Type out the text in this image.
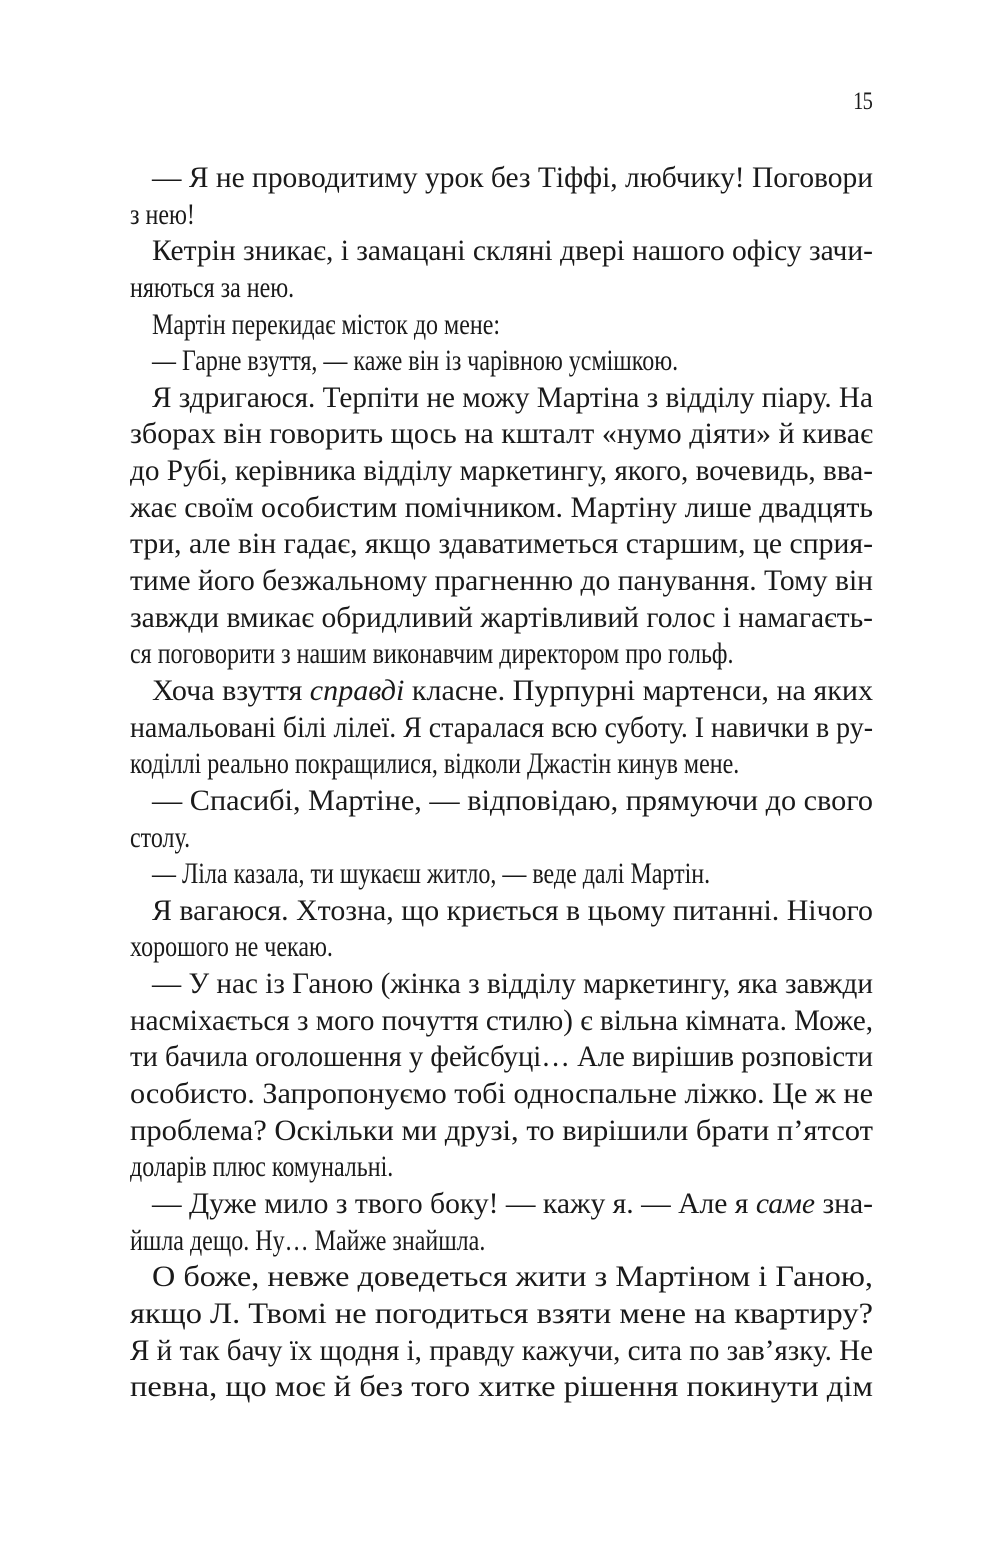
15
— Я не проводитиму урок без Тіффі, любчику! Поговори
з нею!
Кетрін зникає, і замацані скляні двері нашого офісу зачи-
няються за нею.
Мартін перекидає місток до мене:
— Гарне взуття, — каже він із чарівною усмішкою.
Я здригаюся. Терпіти не можу Мартіна з відділу піару. На
зборах він говорить щось на кшталт «нумо діяти» й киває
до Рубі, керівника відділу маркетингу, якого, вочевидь, вва-
жає своїм особистим помічником. Мартіну лише двадцять
три, але він гадає, якщо здаватиметься старшим, це сприя-
тиме його безжальному прагненню до панування. Тому він
завжди вмикає обридливий жартівливий голос і намагаєть-
ся поговорити з нашим виконавчим директором про гольф.
Хоча взуття справді класне. Пурпурні мартенси, на яких
намальовані білі лілеї. Я старалася всю суботу. І навички в ру-
коділлі реально покращилися, відколи Джастін кинув мене.
— Спасибі, Мартіне, — відповідаю, прямуючи до свого
столу.
— Ліла казала, ти шукаєш житло, — веде далі Мартін.
Я вагаюся. Хтозна, що криється в цьому питанні. Нічого
хорошого не чекаю.
— У нас із Ганою (жінка з відділу маркетингу, яка завжди
насміхається з мого почуття стилю) є вільна кімната. Може,
ти бачила оголошення у фейсбуці… Але вирішив розповісти
особисто. Запропонуємо тобі односпальне ліжко. Це ж не
проблема? Оскільки ми друзі, то вирішили брати п’ятсот
доларів плюс комунальні.
— Дуже мило з твого боку! — кажу я. — Але я саме зна-
йшла дещо. Ну… Майже знайшла.
О боже, невже доведеться жити з Мартіном і Ганою,
якщо Л. Твомі не погодиться взяти мене на квартиру?
Я й так бачу їх щодня і, правду кажучи, сита по зав’язку. Не
певна, що моє й без того хитке рішення покинути дім
